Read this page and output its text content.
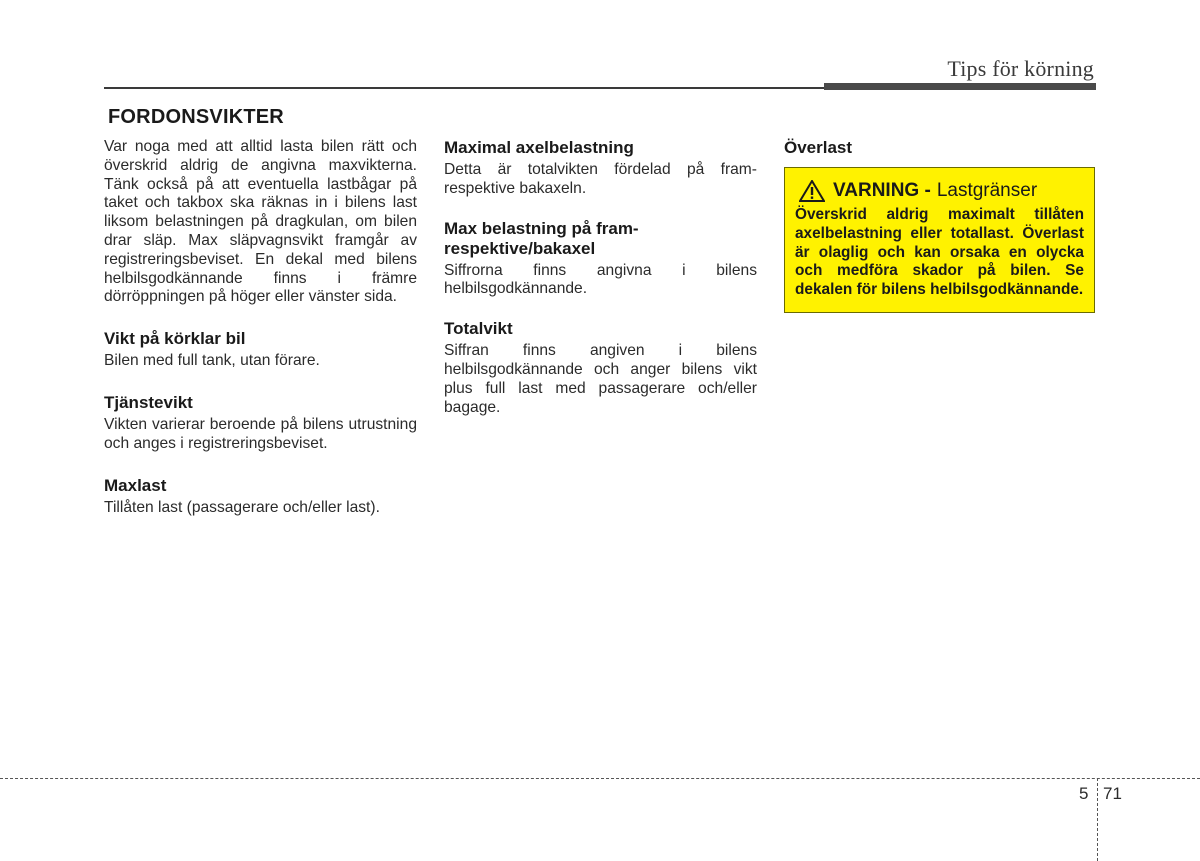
Tips för körning
FORDONSVIKTER

Var noga med att alltid lasta bilen rätt och överskrid aldrig de angivna maxvikterna. Tänk också på att eventuella lastbågar på taket och takbox ska räknas in i bilens last liksom belastningen på dragkulan, om bilen drar släp. Max släpvagnsvikt framgår av registreringsbeviset. En dekal med bilens helbilsgodkännande finns i främre dörröppningen på höger eller vänster sida.

Vikt på körklar bil

Bilen med full tank, utan förare.

Tjänstevikt

Vikten varierar beroende på bilens utrustning och anges i registreringsbeviset.

Maxlast

Tillåten last (passagerare och/eller last).

Maximal axelbelastning

Detta är totalvikten fördelad på fram- respektive bakaxeln.

Max belastning på fram- respektive/bakaxel

Siffrorna finns angivna i bilens helbilsgodkännande.

Totalvikt

Siffran finns angiven i bilens helbilsgodkännande och anger bilens vikt plus full last med passagerare och/eller bagage.

Överlast

VARNING - Lastgränser

Överskrid aldrig maximalt tillåten axelbelastning eller totallast. Överlast är olaglig och kan orsaka en olycka och medföra skador på bilen. Se dekalen för bilens helbilsgodkännande.

5 71
